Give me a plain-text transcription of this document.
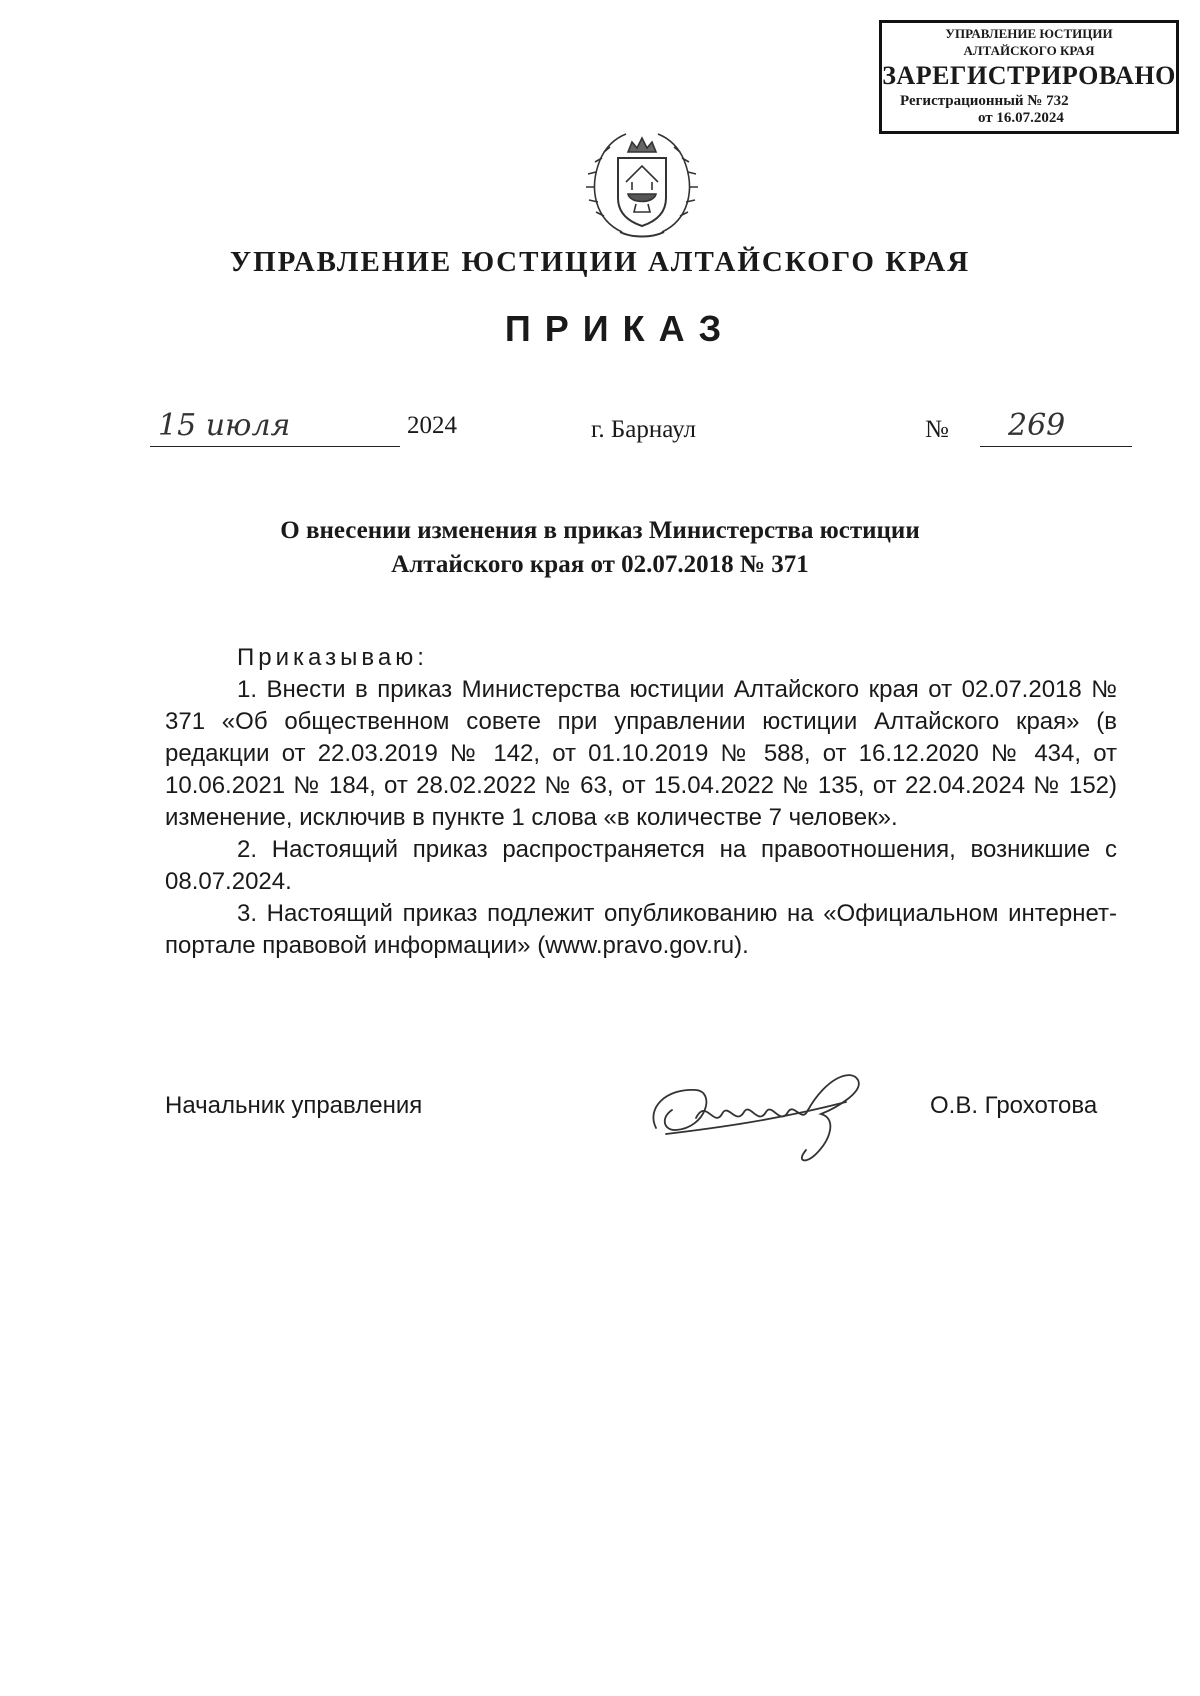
УПРАВЛЕНИЕ ЮСТИЦИИ
АЛТАЙСКОГО КРАЯ
ЗАРЕГИСТРИРОВАНО
Регистрационный № 732
от 16.07.2024
УПРАВЛЕНИЕ ЮСТИЦИИ АЛТАЙСКОГО КРАЯ
ПРИКАЗ
15 июля	2024	г. Барнаул	№ 269
О внесении изменения в приказ Министерства юстиции
Алтайского края от 02.07.2018 № 371

Приказываю:

1. Внести в приказ Министерства юстиции Алтайского края от 02.07.2018 № 371 «Об общественном совете при управлении юстиции Алтайского края» (в редакции от 22.03.2019 № 142, от 01.10.2019 № 588, от 16.12.2020 № 434, от 10.06.2021 № 184, от 28.02.2022 № 63, от 15.04.2022 № 135, от 22.04.2024 № 152) изменение, исключив в пункте 1 слова «в количестве 7 человек».

2. Настоящий приказ распространяется на правоотношения, возникшие с 08.07.2024.

3. Настоящий приказ подлежит опубликованию на «Официальном интернет-портале правовой информации» (www.pravo.gov.ru).

Начальник управления	О.В. Грохотова
